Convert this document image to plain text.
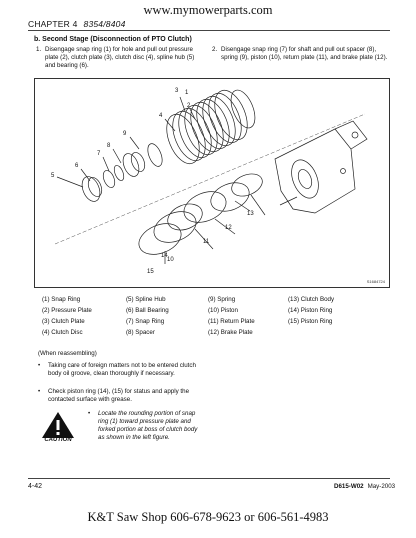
www.mymowerparts.com
CHAPTER 4 8354/8404
b. Second Stage (Disconnection of PTO Clutch)
1. Disengage snap ring (1) for hole and pull out pressure plate (2), clutch plate (3), clutch disc (4), spline hub (5) and bearing (6).
2. Disengage snap ring (7) for shaft and pull out spacer (8), spring (9), piston (10), return plate (11), and brake plate (12).
1
2
3
4
5
6
7
8
9
10
11
12
13
14
15
S1684724
(1) Snap Ring	(5) Spline Hub	(9) Spring	(13) Clutch Body
(2) Pressure Plate	(6) Ball Bearing	(10) Piston	(14) Piston Ring
(3) Clutch Plate	(7) Snap Ring	(11) Return Plate	(15) Piston Ring
(4) Clutch Disc	(8) Spacer	(12) Brake Plate
(When reassembling)
• Taking care of foreign matters not to be entered clutch body oil groove, clean thoroughly if necessary.
• Check piston ring (14), (15) for status and apply the contacted surface with grease.
CAUTION
• Locate the rounding portion of snap ring (1) toward pressure plate and forked portion at boss of clutch body as shown in the left figure.
4-42	D615-W02 May-2003
K&T Saw Shop 606-678-9623 or 606-561-4983
